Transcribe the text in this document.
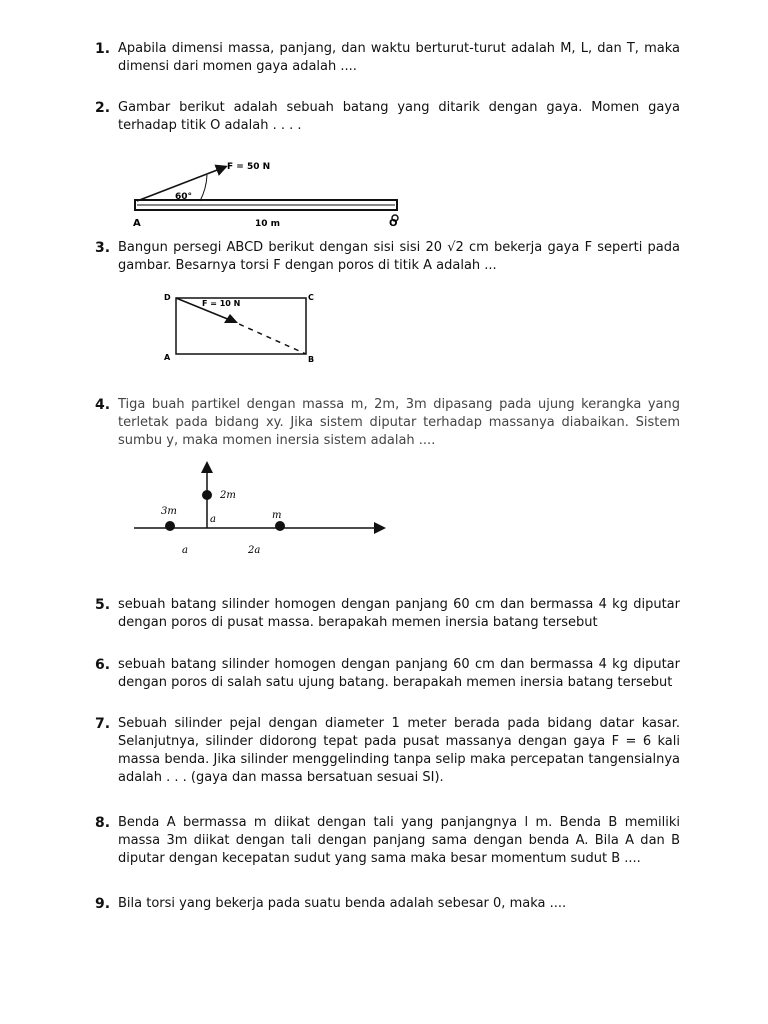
1. Apabila dimensi massa, panjang, dan waktu berturut-turut adalah M, L, dan T, maka dimensi dari momen gaya adalah ....
2. Gambar berikut adalah sebuah batang yang ditarik dengan gaya. Momen gaya terhadap titik O adalah . . . .
F = 50 N
60°
A	O
10 m
3. Bangun persegi ABCD berikut dengan sisi sisi 20 √2 cm bekerja gaya F seperti pada gambar. Besarnya torsi F dengan poros di titik A adalah ...
D	C
A	B
F = 10 N
4. Tiga buah partikel dengan massa m, 2m, 3m dipasang pada ujung kerangka yang terletak pada bidang xy. Jika sistem diputar terhadap massanya diabaikan. Sistem sumbu y, maka momen inersia sistem adalah ....
2m
3m	m
a
a	2a
5. sebuah batang silinder homogen dengan panjang 60 cm dan bermassa 4 kg diputar dengan poros di pusat massa. berapakah memen inersia batang tersebut
6. sebuah batang silinder homogen dengan panjang 60 cm dan bermassa 4 kg diputar dengan poros di salah satu ujung batang. berapakah memen inersia batang tersebut
7. Sebuah silinder pejal dengan diameter 1 meter berada pada bidang datar kasar. Selanjutnya, silinder didorong tepat pada pusat massanya dengan gaya F = 6 kali massa benda. Jika silinder menggelinding tanpa selip maka percepatan tangensialnya adalah . . . (gaya dan massa bersatuan sesuai SI).
8. Benda A bermassa m diikat dengan tali yang panjangnya l m. Benda B memiliki massa 3m diikat dengan tali dengan panjang sama dengan benda A. Bila A dan B diputar dengan kecepatan sudut yang sama maka besar momentum sudut B ....
9. Bila torsi yang bekerja pada suatu benda adalah sebesar 0, maka ....
